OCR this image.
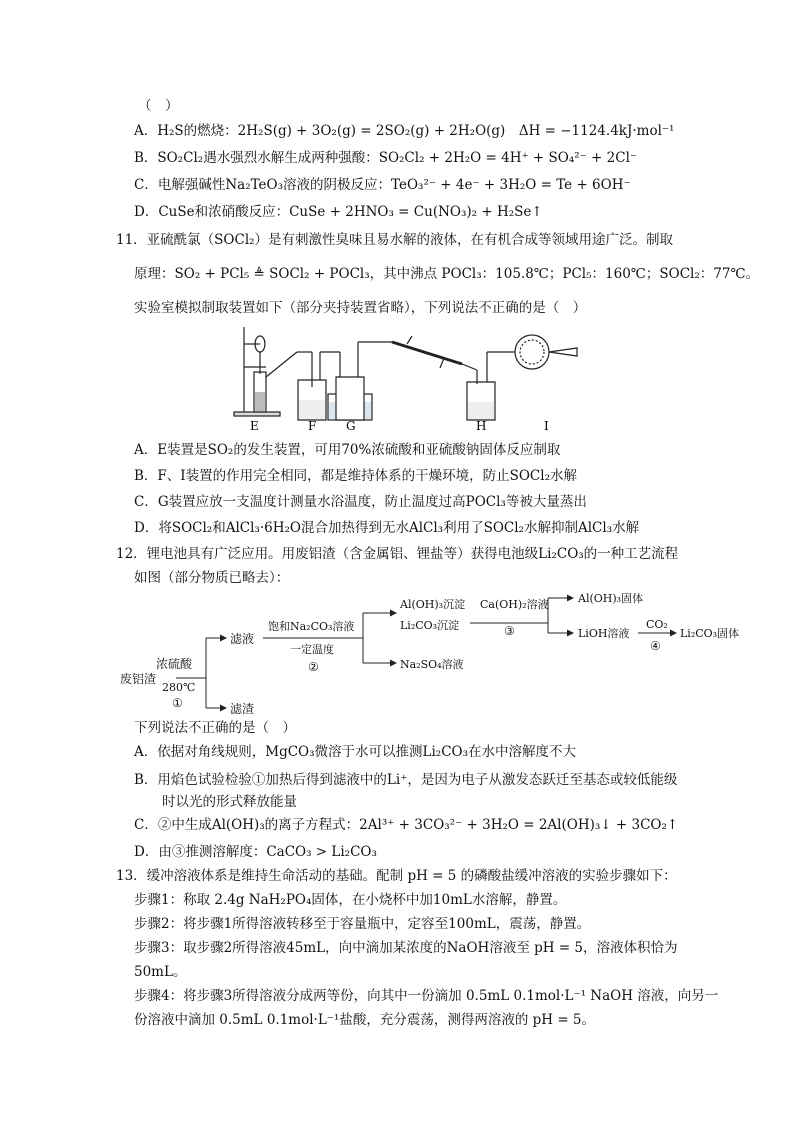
（　）
A．H₂S的燃烧：2H₂S(g) + 3O₂(g) = 2SO₂(g) + 2H₂O(g)　ΔH = −1124.4kJ·mol⁻¹
B．SO₂Cl₂遇水强烈水解生成两种强酸：SO₂Cl₂ + 2H₂O = 4H⁺ + SO₄²⁻ + 2Cl⁻
C．电解强碱性Na₂TeO₃溶液的阴极反应：TeO₃²⁻ + 4e⁻ + 3H₂O = Te + 6OH⁻
D．CuSe和浓硝酸反应：CuSe + 2HNO₃ = Cu(NO₃)₂ + H₂Se↑
11．亚硫酰氯（SOCl₂）是有刺激性臭味且易水解的液体，在有机合成等领域用途广泛。制取
原理：SO₂ + PCl₅ ≜ SOCl₂ + POCl₃，其中沸点 POCl₃：105.8℃；PCl₅：160℃；SOCl₂：77℃。
实验室模拟制取装置如下（部分夹持装置省略），下列说法不正确的是（　）
E	F G	H	I
A．E装置是SO₂的发生装置，可用70%浓硫酸和亚硫酸钠固体反应制取
B．F、I装置的作用完全相同，都是维持体系的干燥环境，防止SOCl₂水解
C．G装置应放一支温度计测量水浴温度，防止温度过高POCl₃等被大量蒸出
D．将SOCl₂和AlCl₃·6H₂O混合加热得到无水AlCl₃利用了SOCl₂水解抑制AlCl₃水解
12．锂电池具有广泛应用。用废铝渣（含金属铝、锂盐等）获得电池级Li₂CO₃的一种工艺流程
如图（部分物质已略去）：
废铝渣
浓硫酸
280℃
①
滤液
滤渣
饱和Na₂CO₃溶液
一定温度
②
Al(OH)₃沉淀
Li₂CO₃沉淀
Na₂SO₄溶液
Ca(OH)₂溶液
③
Al(OH)₃固体
LiOH溶液
CO₂
④
Li₂CO₃固体
下列说法不正确的是（　）
A．依据对角线规则，MgCO₃微溶于水可以推测Li₂CO₃在水中溶解度不大
B．用焰色试验检验①加热后得到滤液中的Li⁺，是因为电子从激发态跃迁至基态或较低能级
时以光的形式释放能量
C．②中生成Al(OH)₃的离子方程式：2Al³⁺ + 3CO₃²⁻ + 3H₂O = 2Al(OH)₃↓ + 3CO₂↑
D．由③推测溶解度：CaCO₃ > Li₂CO₃
13．缓冲溶液体系是维持生命活动的基础。配制 pH = 5 的磷酸盐缓冲溶液的实验步骤如下：
步骤1：称取 2.4g NaH₂PO₄固体，在小烧杯中加10mL水溶解，静置。
步骤2：将步骤1所得溶液转移至于容量瓶中，定容至100mL，震荡，静置。
步骤3：取步骤2所得溶液45mL，向中滴加某浓度的NaOH溶液至 pH = 5，溶液体积恰为
50mL。
步骤4：将步骤3所得溶液分成两等份，向其中一份滴加 0.5mL 0.1mol·L⁻¹ NaOH 溶液，向另一
份溶液中滴加 0.5mL 0.1mol·L⁻¹盐酸，充分震荡，测得两溶液的 pH = 5。
